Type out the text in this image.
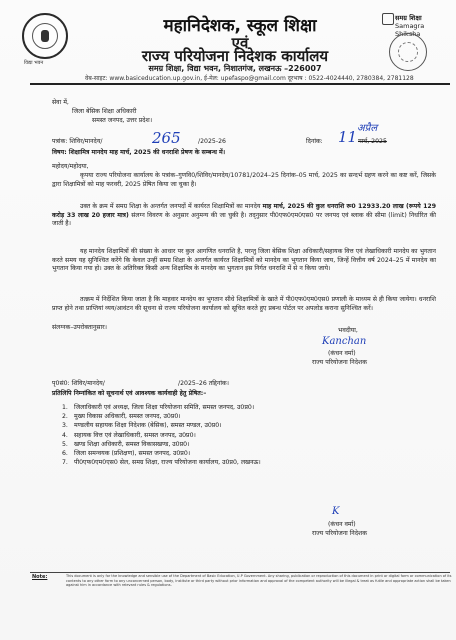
विद्या भवन
महानिदेशक, स्कूल शिक्षा
एवं
राज्य परियोजना निदेशक कार्यालय
समग्र शिक्षा, विद्या भवन, निशातगंज, लखनऊ –226007
समग्र शिक्षा
Samagra Shiksha
वेब-साइट: www.basiceducation.up.gov.in, ई-मेल: upefaspo@gmail.com दूरभाष : 0522-4024440, 2780384, 2781128
सेवा में,
जिला बेसिक शिक्षा अधिकारी
समस्त जनपद, उत्तर प्रदेश।
पत्रांक: शिविर/मानदेय/	265	/2025-26	दिनांक: 11 अप्रैल
मार्च, 2025
विषय: शिक्षामित्र मानदेय माह मार्च, 2025 की धनराशि प्रेषण के सम्बन्ध में।
महोदय/महोदया,
कृपया राज्य परियोजना कार्यालय के पत्रांक–गुणवि0/शिविर/मानदेय/10781/2024–25 दिनांक–05 मार्च, 2025 का सन्दर्भ ग्रहण करने का कष्ट करें, जिसके द्वारा शिक्षामित्रों को माह फरवरी, 2025 प्रेषित किया जा चुका है।
उक्त के क्रम में समग्र शिक्षा के अन्तर्गत जनपदों में कार्यरत शिक्षामित्रों का मानदेय माह मार्च, 2025 की कुल धनराशि रू0 12933.20 लाख (रूपये 129 करोड़ 33 लाख 20 हजार मात्र) संलग्न विवरण के अनुसार अनुमन्य की जा चुकी है। तद्नुसार पी0एफ0एम0एस0 पर जनपद एवं ब्लाक की सीमा (limit) निर्धारित की जाती है।
यह मानदेय शिक्षामित्रों की संख्या के आधार पर कुल आगणित धनराशि है, परन्तु जिला बेसिक शिक्षा अधिकारी/सहायक वित्त एवं लेखाधिकारी मानदेय का भुगतान करते समय यह सुनिश्चित करेंगे कि केवल उन्हीं समग्र शिक्षा के अन्तर्गत कार्यरत शिक्षामित्रों को मानदेय का भुगतान किया जाय, जिन्हें वित्तीय वर्ष 2024–25 में मानदेय का भुगतान किया गया हो। उक्त के अतिरिक्त किसी अन्य शिक्षामित्र के मानदेय का भुगतान इस निर्गत धनराशि में से न किया जाये।
तत्क्रम में निर्देशित किया जाता है कि माहवार मानदेय का भुगतान सीधे शिक्षामित्रों के खाते में पी0एफ0एम0एस0 प्रणाली के माध्यम से ही किया जायेगा। धनराशि प्राप्त होने तथा प्राप्तियां व्यय/आवंटन की सूचना से राज्य परियोजना कार्यालय को सूचित करते हुए प्रबन्ध पोर्टल पर अपलोड कराना सुनिश्चित करें।
संलग्नक–उपरोक्तानुसार।	भवदीया,
Kanchan
(कंचन वर्मा)
राज्य परियोजना निदेशक
पृ0सं0: शिविर/मानदेय/	/2025–26 तद्दिनांक।
प्रतिलिपि निम्नांकित को सूचनार्थ एवं आवश्यक कार्यवाही हेतु प्रेषित:–
1. जिलाधिकारी एवं अध्यक्ष, जिला शिक्षा परियोजना समिति, समस्त जनपद, उ0प्र0।
2. मुख्य विकास अधिकारी, समस्त जनपद, उ0प्र0।
3. मण्डलीय सहायक शिक्षा निदेशक (बेसिक), समस्त मण्डल, उ0प्र0।
4. सहायक वित्त एवं लेखाधिकारी, समस्त जनपद, उ0प्र0।
5. खण्ड शिक्षा अधिकारी, समस्त विकासखण्ड, उ0प्र0।
6. जिला समन्वयक (प्रशिक्षण), समस्त जनपद, उ0प्र0।
7. पी0एफ0एम0एस0 सेल, समग्र शिक्षा, राज्य परियोजना कार्यालय, उ0प्र0, लखनऊ।
K
(कंचन वर्मा)
राज्य परियोजना निदेशक
Note:	This document is only for the knowledge and sensible use of the Department of Basic Education, U.P Government. Any sharing, publication or reproduction of this document in print or digital form or communication of its contents to any other form to any unconcerned person, body, institute or third party without prior information and approval of the competent authority will be illegal & treat as futile and appropriate action shall be taken against him in accordance with relevant rules & regulations.
